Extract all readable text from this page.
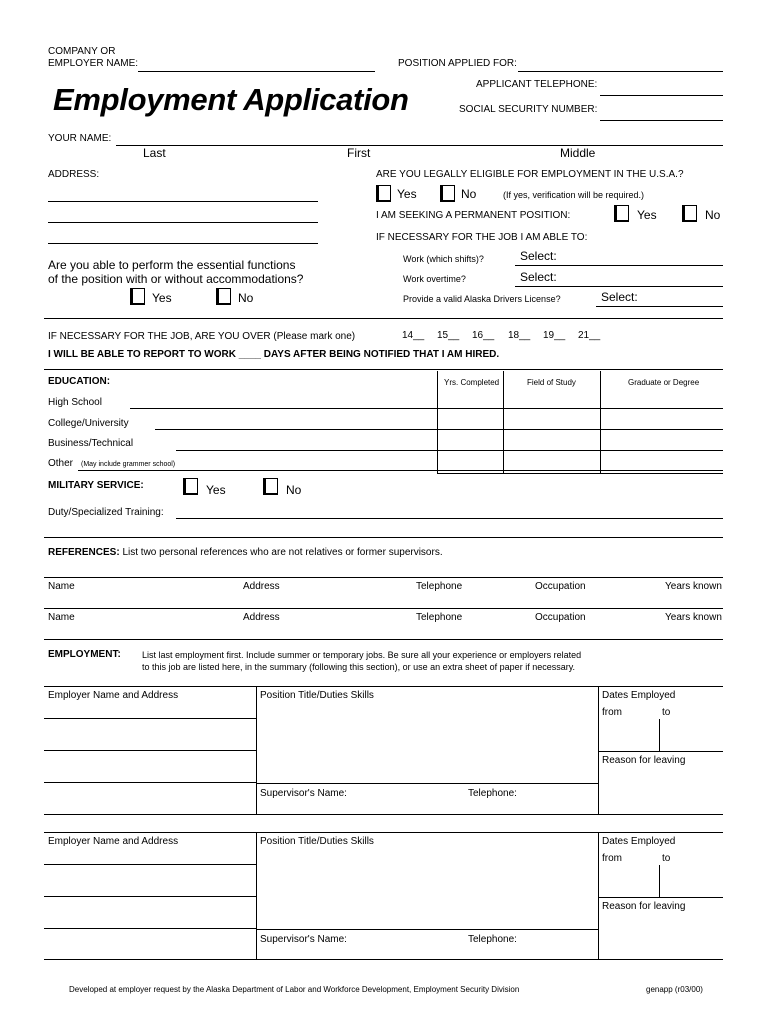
COMPANY OR
EMPLOYER NAME:	POSITION APPLIED FOR:
Employment Application	APPLICANT TELEPHONE:
SOCIAL SECURITY NUMBER:
YOUR NAME:
Last	First	Middle
ADDRESS:	ARE YOU LEGALLY ELIGIBLE FOR EMPLOYMENT IN THE U.S.A.?
Yes	No	(If yes, verification will be required.)
I AM SEEKING A PERMANENT POSITION:	Yes	No
IF NECESSARY FOR THE JOB I AM ABLE TO:
Work (which shifts)?	Select:
Work overtime?	Select:
Provide a valid Alaska Drivers License?	Select:
Are you able to perform the essential functions
of the position with or without accommodations?
Yes	No
IF NECESSARY FOR THE JOB, ARE YOU OVER (Please mark one)	14__ 15__ 16__ 18__ 19__ 21__
I WILL BE ABLE TO REPORT TO WORK ____ DAYS AFTER BEING NOTIFIED THAT I AM HIRED.
EDUCATION:	Yrs. Completed	Field of Study	Graduate or Degree
High School
College/University
Business/Technical
Other (May include grammer school)
MILITARY SERVICE:	Yes	No
Duty/Specialized Training:
REFERENCES: List two personal references who are not relatives or former supervisors.
Name	Address	Telephone	Occupation	Years known
Name	Address	Telephone	Occupation	Years known
EMPLOYMENT: List last employment first. Include summer or temporary jobs. Be sure all your experience or employers related
to this job are listed here, in the summary (following this section), or use an extra sheet of paper if necessary.
Employer Name and Address	Position Title/Duties Skills
Supervisor's Name:	Telephone:
Dates Employed
from	to
Reason for leaving
Employer Name and Address	Position Title/Duties Skills
Supervisor's Name:	Telephone:
Dates Employed
from	to
Reason for leaving
Developed at employer request by the Alaska Department of Labor and Workforce Development, Employment Security Division	genapp (r03/00)
